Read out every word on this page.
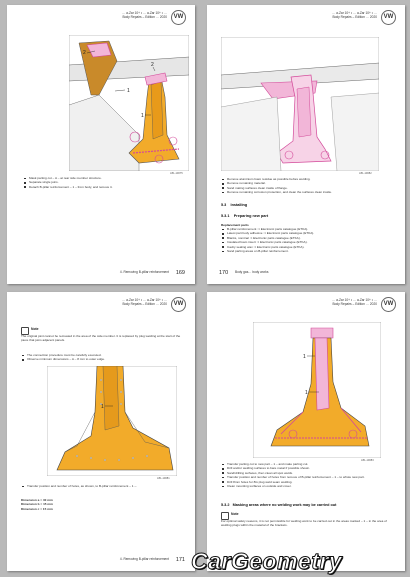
… a-Zar 10+ • … a-Zar 10+ • …
Body Repairs – Edition … 2020	VW
2
1
2
1
A51-10075
Mask parting cut – A – at rear side member structure.
Separate single joins.
Detach B-pillar reinforcement – 1 – from body, and remove it.
4. Removing B-pillar reinforcement 169
… a-Zar 10+ • … a-Zar 10+ • …
Body Repairs – Edition … 2020	VW
A51-10082
Remove aluminium foam residue as possible before welding.
Remove remaining material.
Sand mating surfaces clean inside of flange.
Remove remaining corrosion protection, and clean the surfaces clean inside.
5.3 Installing
5.3.1 Preparing new part
Replacement parts
B-pillar reinforcement ⇒ Electronic parts catalogue (ETKA).
Latest part body adhesive ⇒ Electronic parts catalogue (ETKA).
Blanks, nominal ⇒ Electronic parts catalogue (ETKA).
Insulated foam insert ⇒ Electronic parts catalogue (ETKA).
Cavity sealing wax ⇒ Electronic parts catalogue (ETKA).
Sand parting areas on B-pillar reinforcement.
170 Body gas… body works
… a-Zar 10+ • … a-Zar 10+ • …
Body Repairs – Edition … 2020	VW
Note
The original joint cannot be recreated in the area of the side member. It is replaced by plug welding at the start of the piece that joins adjacent panels.
The connection procedure must be carefully executed.
Observe minimum dimensions – A – 8 mm to outer edge.
1
A51-10081
Transfer position and number of holes, as shown, to B-pillar reinforcement – 1 –.
Dimension a = 40 mm
Dimension b = 15 mm
Dimension c = 15 mm
4. Removing B-pillar reinforcement 171
… a-Zar 10+ • … a-Zar 10+ • …
Body Repairs – Edition … 2020	VW
1
1
A51-10083
Transfer parting cut to new part – 1 – and make parting cut.
Drill and/or welding surfaces to bare metal if possible shown.
Sand/drilling surfaces, then clean all spot welds.
Transfer position and number of holes from remove of B-pillar reinforcement – 1 – to whole new part.
Drill 8mm holes for 8G plug weld seam welding.
Clean mounting surfaces on outside and cover.
5.3.2 Masking areas where no welding work may be carried out
Note
For optimal safety reasons, it is not permissible for welding work to be carried out in the areas marked – 1 – in the area of welding plugs within the material of the brackets.
CarGeometry
